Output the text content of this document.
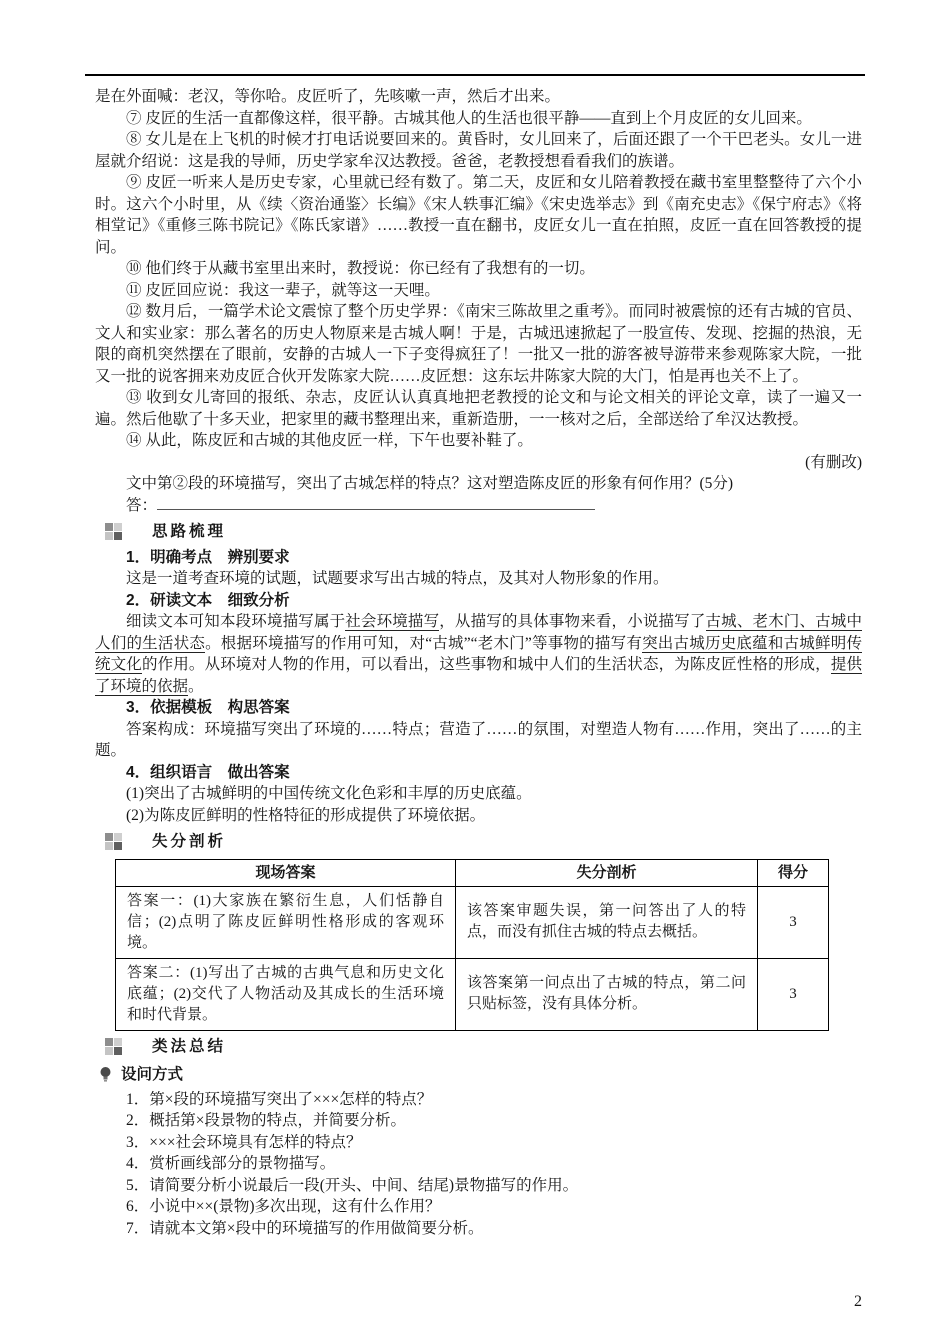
是在外面喊：老汉，等你哈。皮匠听了，先咳嗽一声，然后才出来。

⑦ 皮匠的生活一直都像这样，很平静。古城其他人的生活也很平静——直到上个月皮匠的女儿回来。

⑧ 女儿是在上飞机的时候才打电话说要回来的。黄昏时，女儿回来了，后面还跟了一个干巴老头。女儿一进屋就介绍说：这是我的导师，历史学家牟汉达教授。爸爸，老教授想看看我们的族谱。

⑨ 皮匠一听来人是历史专家，心里就已经有数了。第二天，皮匠和女儿陪着教授在藏书室里整整待了六个小时。这六个小时里，从《续〈资治通鉴〉长编》《宋人轶事汇编》《宋史选举志》到《南充史志》《保宁府志》《将相堂记》《重修三陈书院记》《陈氏家谱》……教授一直在翻书，皮匠女儿一直在拍照，皮匠一直在回答教授的提问。

⑩ 他们终于从藏书室里出来时，教授说：你已经有了我想有的一切。

⑪ 皮匠回应说：我这一辈子，就等这一天哩。

⑫ 数月后，一篇学术论文震惊了整个历史学界：《南宋三陈故里之重考》。而同时被震惊的还有古城的官员、文人和实业家：那么著名的历史人物原来是古城人啊！于是，古城迅速掀起了一股宣传、发现、挖掘的热浪，无限的商机突然摆在了眼前，安静的古城人一下子变得疯狂了！一批又一批的游客被导游带来参观陈家大院，一批又一批的说客拥来劝皮匠合伙开发陈家大院……皮匠想：这东坛井陈家大院的大门，怕是再也关不上了。

⑬ 收到女儿寄回的报纸、杂志，皮匠认认真真地把老教授的论文和与论文相关的评论文章，读了一遍又一遍。然后他歇了十多天业，把家里的藏书整理出来，重新造册，一一核对之后，全部送给了牟汉达教授。

⑭ 从此，陈皮匠和古城的其他皮匠一样，下午也要补鞋了。

(有删改)

文中第②段的环境描写，突出了古城怎样的特点？这对塑造陈皮匠的形象有何作用？(5分)

答：

思路梳理

1．明确考点　辨别要求

这是一道考查环境的试题，试题要求写出古城的特点，及其对人物形象的作用。

2．研读文本　细致分析

细读文本可知本段环境描写属于社会环境描写，从描写的具体事物来看，小说描写了古城、老木门、古城中人们的生活状态。根据环境描写的作用可知，对“古城”“老木门”等事物的描写有突出古城历史底蕴和古城鲜明传统文化的作用。从环境对人物的作用，可以看出，这些事物和城中人们的生活状态，为陈皮匠性格的形成，提供了环境的依据。

3．依据模板　构思答案

答案构成：环境描写突出了环境的……特点；营造了……的氛围，对塑造人物有……作用，突出了……的主题。

4．组织语言　做出答案

(1)突出了古城鲜明的中国传统文化色彩和丰厚的历史底蕴。

(2)为陈皮匠鲜明的性格特征的形成提供了环境依据。

失分剖析
现场答案	失分剖析	得分
答案一：(1)大家族在繁衍生息，人们恬静自信；(2)点明了陈皮匠鲜明性格形成的客观环境。	该答案审题失误，第一问答出了人的特点，而没有抓住古城的特点去概括。	3
答案二：(1)写出了古城的古典气息和历史文化底蕴；(2)交代了人物活动及其成长的生活环境和时代背景。	该答案第一问点出了古城的特点，第二问只贴标签，没有具体分析。	3
类法总结
设问方式

1．第×段的环境描写突出了×××怎样的特点？

2．概括第×段景物的特点，并简要分析。

3．×××社会环境具有怎样的特点？

4．赏析画线部分的景物描写。

5．请简要分析小说最后一段(开头、中间、结尾)景物描写的作用。

6．小说中××(景物)多次出现，这有什么作用？

7．请就本文第×段中的环境描写的作用做简要分析。

2
